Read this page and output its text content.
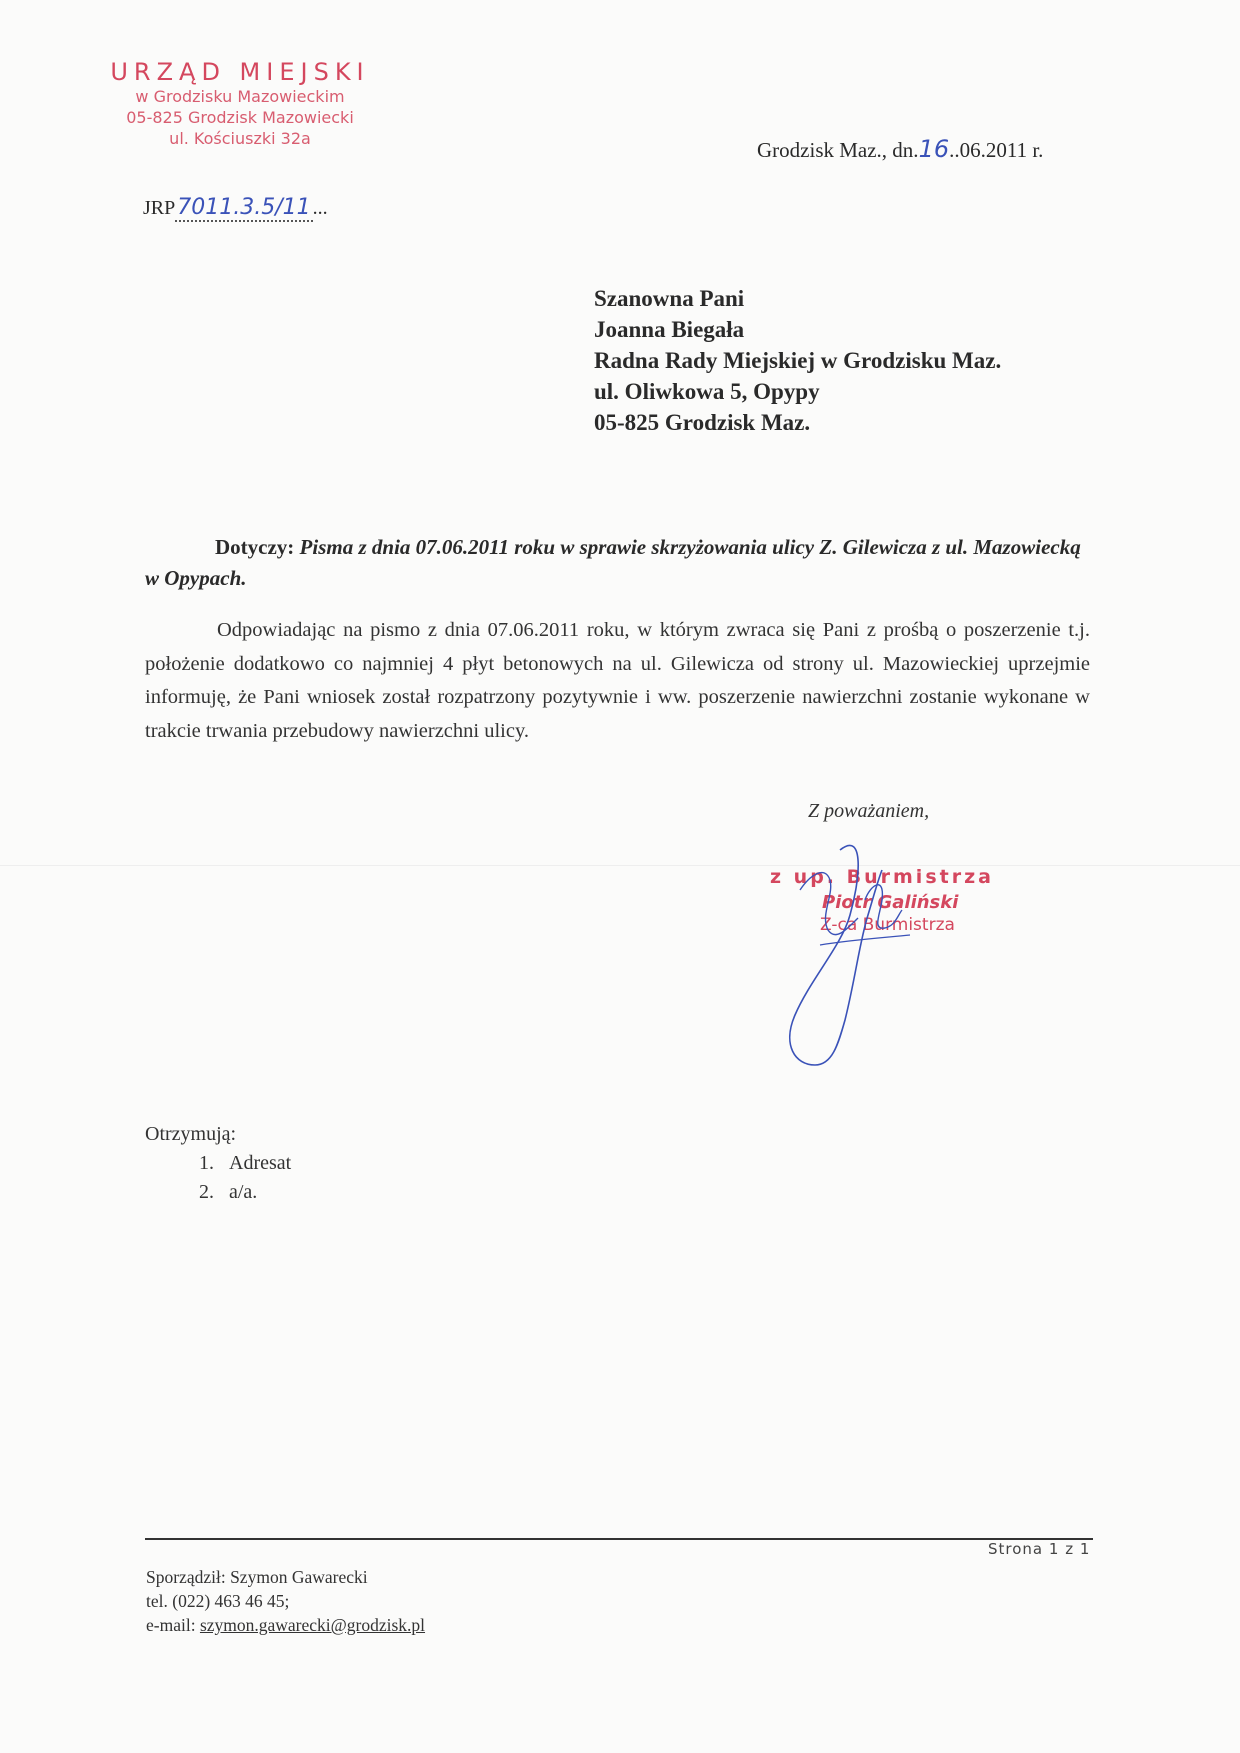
URZĄD MIEJSKI
w Grodzisku Mazowieckim
05-825 Grodzisk Mazowiecki
ul. Kościuszki 32a
JRP7011.3.5/11 ...
Grodzisk Maz., dn.16..06.2011 r.
Szanowna Pani
Joanna Biegała
Radna Rady Miejskiej w Grodzisku Maz.
ul. Oliwkowa 5, Opypy
05-825 Grodzisk Maz.
Dotyczy: Pisma z dnia 07.06.2011 roku w sprawie skrzyżowania ulicy Z. Gilewicza z ul. Mazowiecką w Opypach.
Odpowiadając na pismo z dnia 07.06.2011 roku, w którym zwraca się Pani z prośbą o poszerzenie t.j. położenie dodatkowo co najmniej 4 płyt betonowych na ul. Gilewicza od strony ul. Mazowieckiej uprzejmie informuję, że Pani wniosek został rozpatrzony pozytywnie i ww. poszerzenie nawierzchni zostanie wykonane w trakcie trwania przebudowy nawierzchni ulicy.
Z poważaniem,
z up. Burmistrza
Piotr Galiński
Z-ca Burmistrza
Otrzymują:
1. Adresat
2. a/a.
Strona 1 z 1
Sporządził: Szymon Gawarecki
tel. (022) 463 46 45;
e-mail: szymon.gawarecki@grodzisk.pl
